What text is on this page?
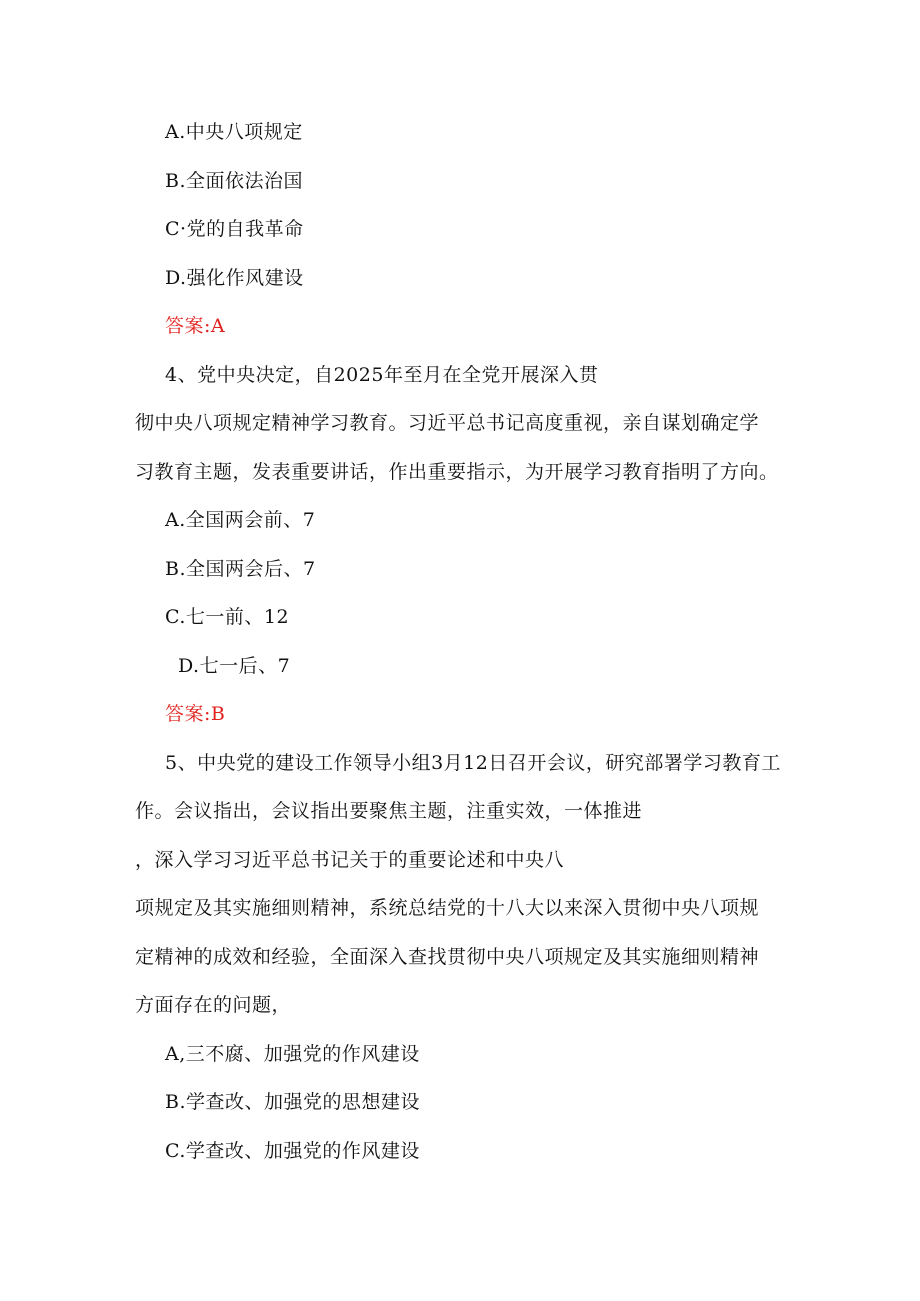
A.中央八项规定
B.全面依法治国
C·党的自我革命
D.强化作风建设
答案:A
4、党中央决定，自2025年至月在全党开展深入贯
彻中央八项规定精神学习教育。习近平总书记高度重视，亲自谋划确定学
习教育主题，发表重要讲话，作出重要指示，为开展学习教育指明了方向。
A.全国两会前、7
B.全国两会后、7
C.七一前、12
D.七一后、7
答案:B
5、中央党的建设工作领导小组3月12日召开会议，研究部署学习教育工
作。会议指出，会议指出要聚焦主题，注重实效，一体推进
，深入学习习近平总书记关于的重要论述和中央八
项规定及其实施细则精神，系统总结党的十八大以来深入贯彻中央八项规
定精神的成效和经验，全面深入查找贯彻中央八项规定及其实施细则精神
方面存在的问题，
A,三不腐、加强党的作风建设
B.学查改、加强党的思想建设
C.学查改、加强党的作风建设
